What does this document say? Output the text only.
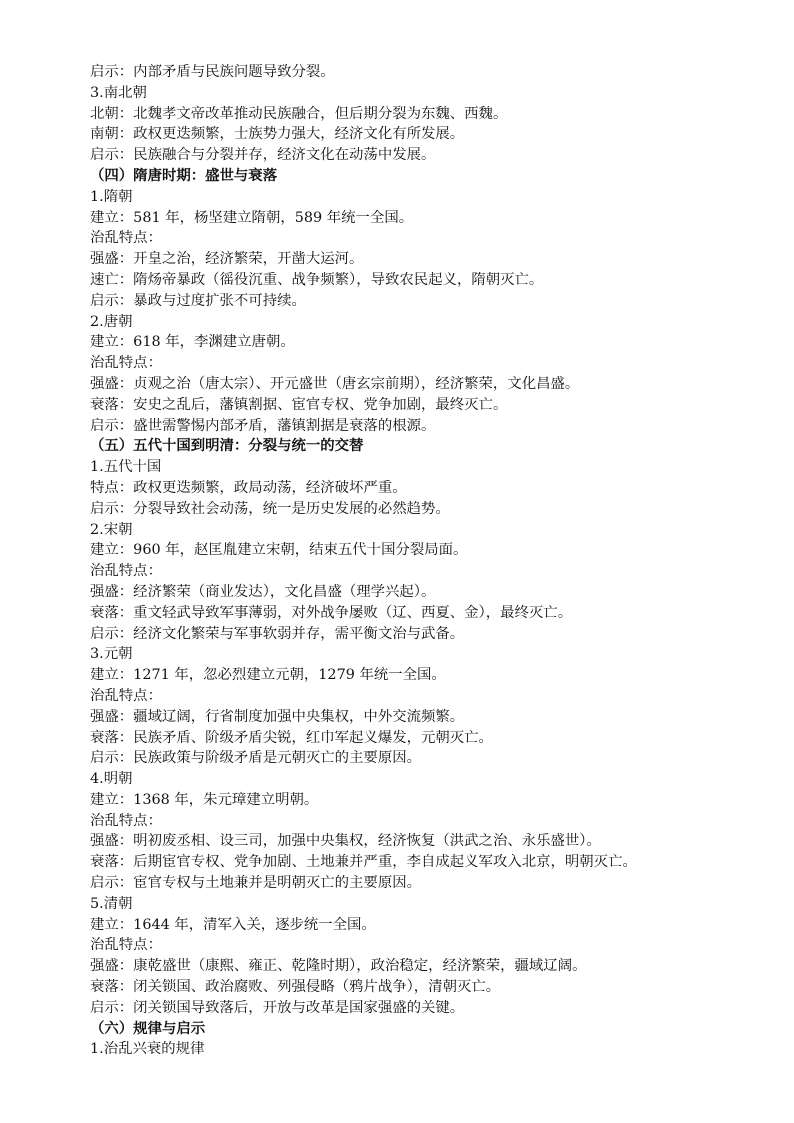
启示：内部矛盾与民族问题导致分裂。
3.南北朝
北朝：北魏孝文帝改革推动民族融合，但后期分裂为东魏、西魏。
南朝：政权更迭频繁，士族势力强大，经济文化有所发展。
启示：民族融合与分裂并存，经济文化在动荡中发展。
（四）隋唐时期：盛世与衰落
1.隋朝
建立：581 年，杨坚建立隋朝，589 年统一全国。
治乱特点：
强盛：开皇之治，经济繁荣，开凿大运河。
速亡：隋炀帝暴政（徭役沉重、战争频繁），导致农民起义，隋朝灭亡。
启示：暴政与过度扩张不可持续。
2.唐朝
建立：618 年，李渊建立唐朝。
治乱特点：
强盛：贞观之治（唐太宗）、开元盛世（唐玄宗前期），经济繁荣，文化昌盛。
衰落：安史之乱后，藩镇割据、宦官专权、党争加剧，最终灭亡。
启示：盛世需警惕内部矛盾，藩镇割据是衰落的根源。
（五）五代十国到明清：分裂与统一的交替
1.五代十国
特点：政权更迭频繁，政局动荡，经济破坏严重。
启示：分裂导致社会动荡，统一是历史发展的必然趋势。
2.宋朝
建立：960 年，赵匡胤建立宋朝，结束五代十国分裂局面。
治乱特点：
强盛：经济繁荣（商业发达），文化昌盛（理学兴起）。
衰落：重文轻武导致军事薄弱，对外战争屡败（辽、西夏、金），最终灭亡。
启示：经济文化繁荣与军事软弱并存，需平衡文治与武备。
3.元朝
建立：1271 年，忽必烈建立元朝，1279 年统一全国。
治乱特点：
强盛：疆域辽阔，行省制度加强中央集权，中外交流频繁。
衰落：民族矛盾、阶级矛盾尖锐，红巾军起义爆发，元朝灭亡。
启示：民族政策与阶级矛盾是元朝灭亡的主要原因。
4.明朝
建立：1368 年，朱元璋建立明朝。
治乱特点：
强盛：明初废丞相、设三司，加强中央集权，经济恢复（洪武之治、永乐盛世）。
衰落：后期宦官专权、党争加剧、土地兼并严重，李自成起义军攻入北京，明朝灭亡。
启示：宦官专权与土地兼并是明朝灭亡的主要原因。
5.清朝
建立：1644 年，清军入关，逐步统一全国。
治乱特点：
强盛：康乾盛世（康熙、雍正、乾隆时期），政治稳定，经济繁荣，疆域辽阔。
衰落：闭关锁国、政治腐败、列强侵略（鸦片战争），清朝灭亡。
启示：闭关锁国导致落后，开放与改革是国家强盛的关键。
（六）规律与启示
1.治乱兴衰的规律
